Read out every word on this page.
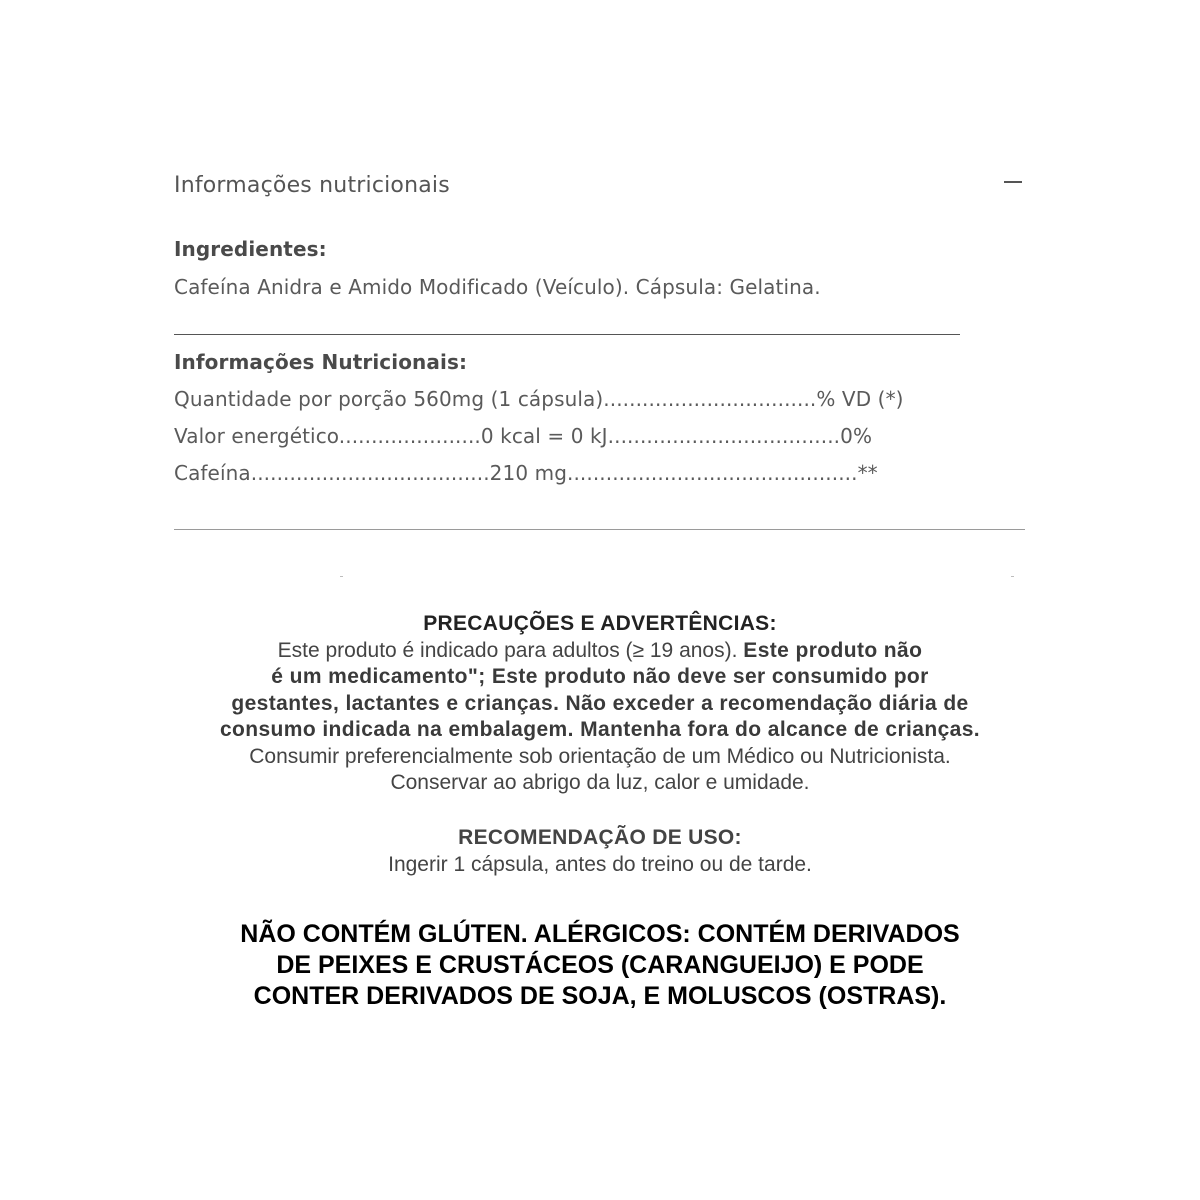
Informações nutricionais
Ingredientes:
Cafeína Anidra e Amido Modificado (Veículo). Cápsula: Gelatina.
Informações Nutricionais:
Quantidade por porção 560mg (1 cápsula).................................% VD (*)
Valor energético......................0 kcal = 0 kJ....................................0%
Cafeína.....................................210 mg.............................................**
PRECAUÇÕES E ADVERTÊNCIAS:
Este produto é indicado para adultos (≥ 19 anos). Este produto não
é um medicamento"; Este produto não deve ser consumido por
gestantes, lactantes e crianças. Não exceder a recomendação diária de
consumo indicada na embalagem. Mantenha fora do alcance de crianças.
Consumir preferencialmente sob orientação de um Médico ou Nutricionista.
Conservar ao abrigo da luz, calor e umidade.
RECOMENDAÇÃO DE USO:
Ingerir 1 cápsula, antes do treino ou de tarde.
NÃO CONTÉM GLÚTEN. ALÉRGICOS: CONTÉM DERIVADOS
DE PEIXES E CRUSTÁCEOS (CARANGUEIJO) E PODE
CONTER DERIVADOS DE SOJA, E MOLUSCOS (OSTRAS).
